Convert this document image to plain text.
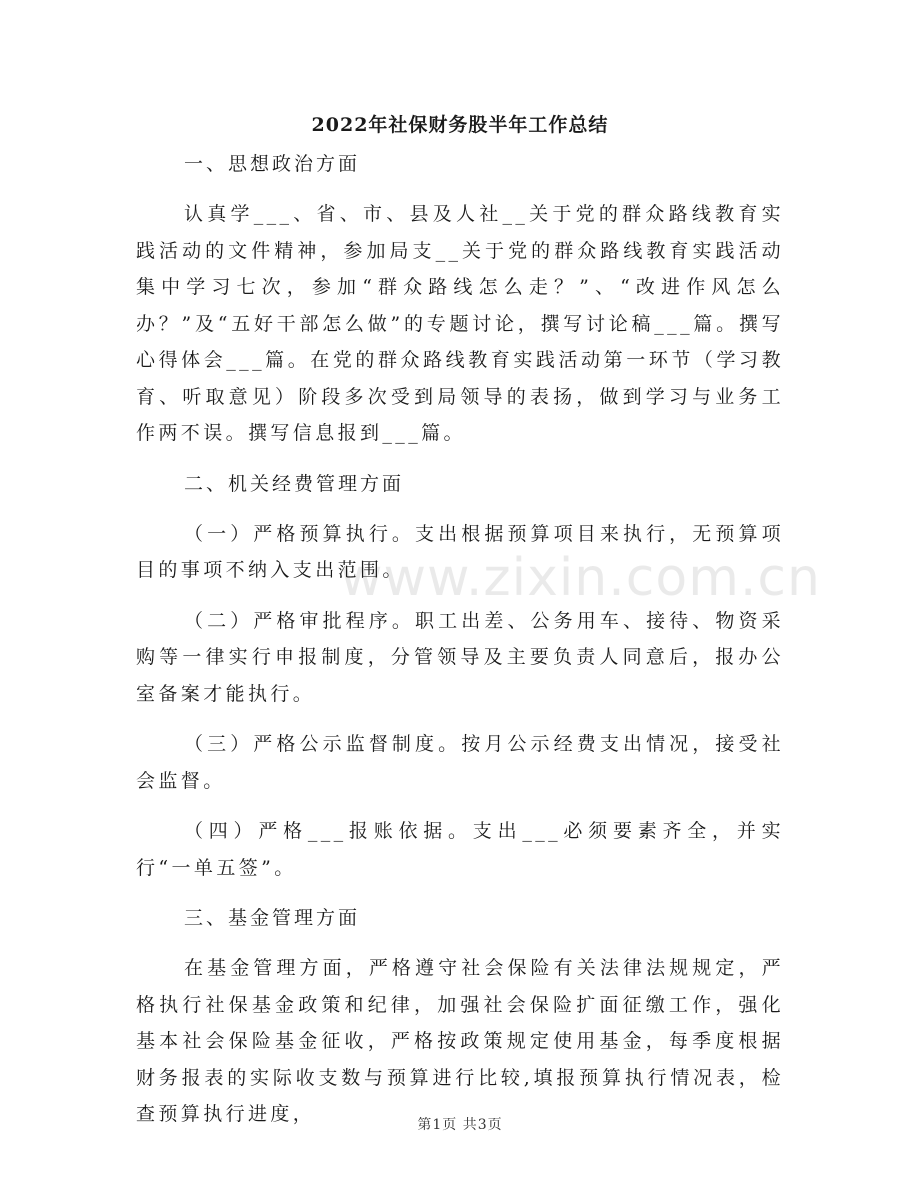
2022年社保财务股半年工作总结
www.zixin.com.cn
一、思想政治方面
认真学___、省、市、县及人社__关于党的群众路线教育实践活动的文件精神，参加局支__关于党的群众路线教育实践活动集中学习七次，参加“群众路线怎么走？”、“改进作风怎么办？”及“五好干部怎么做”的专题讨论，撰写讨论稿___篇。撰写心得体会___篇。在党的群众路线教育实践活动第一环节（学习教育、听取意见）阶段多次受到局领导的表扬，做到学习与业务工作两不误。撰写信息报到___篇。
二、机关经费管理方面
（一）严格预算执行。支出根据预算项目来执行，无预算项目的事项不纳入支出范围。
（二）严格审批程序。职工出差、公务用车、接待、物资采购等一律实行申报制度，分管领导及主要负责人同意后，报办公室备案才能执行。
（三）严格公示监督制度。按月公示经费支出情况，接受社会监督。
（四）严格___报账依据。支出___必须要素齐全，并实行“一单五签”。
三、基金管理方面
在基金管理方面，严格遵守社会保险有关法律法规规定，严格执行社保基金政策和纪律，加强社会保险扩面征缴工作，强化基本社会保险基金征收，严格按政策规定使用基金，每季度根据财务报表的实际收支数与预算进行比较,填报预算执行情况表，检查预算执行进度，	第1页 共3页
